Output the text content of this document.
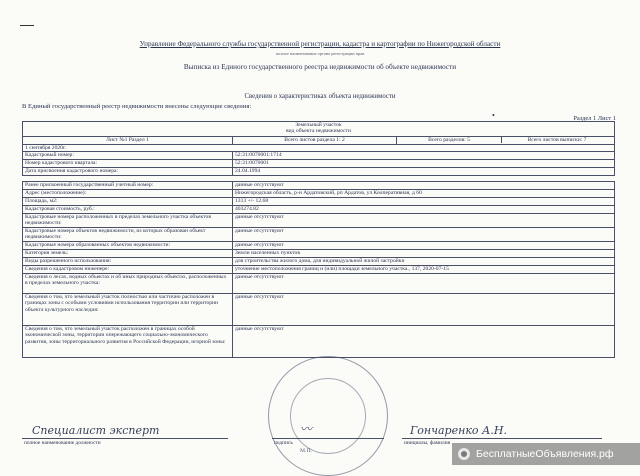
Управление Федерального службы государственной регистрации, кадастра и картографии по Нижегородской области
полное наименование органа регистрации прав
Выписка из Единого государственного реестра недвижимости об объекте недвижимости
Сведения о характеристиках объекта недвижимости
В Единый государственный реестр недвижимости внесены следующие сведения:
•	Раздел 1 Лист 1
Земельный участок
вид объекта недвижимости		

Лист №1 Раздел 1	Всего листов раздела 1: 2	Всего разделов: 5 Всего листов выписки: 7
1 сентября 2020г.		
Кадастровый номер:	52:31:0070001:1714	
Номер кадастрового квартала:	52:31:0070001	
Дата присвоения кадастрового номера:	24.04.1994	

Ранее присвоенный государственный учетный номер:	данные отсутствуют	
Адрес (местоположение):	Нижегородская область, р-н Ардатовский, рп Ардатов, ул Кооперативная, д 60	
Площадь, м2:	1313 +/- 12.68	
Кадастровая стоимость, руб.:	403274.82	
Кадастровые номера расположенных в пределах земельного участка объектов недвижимости:	данные отсутствуют	
Кадастровые номера объектов недвижимости, из которых образован объект недвижимости:	данные отсутствуют	
Кадастровые номера образованных объектов недвижимости:	данные отсутствуют	
Категория земель:	Земли населенных пунктов	
Виды разрешенного использования:	для строительства жилого дома, для индивидуальной жилой застройки	
Сведения о кадастровом инженере:	уточнение местоположения границ и (или) площади земельного участка., 137, 2020-07-15	
Сведения о лесах, водных объектах и об иных природных объектах, расположенных в пределах земельного участка:	данные отсутствуют	
Сведения о том, что земельный участок полностью или частично расположен в границах зоны с особыми условиями использования территории или территории объекта культурного наследия:	данные отсутствуют	
Сведения о том, что земельный участок расположен в границах особой экономической зоны, территории опережающего социально-экономического развития, зоны территориального развития в Российской Федерации, игорной зоны:	данные отсутствуют	
М.П.
Специалист эксперт	Гончаренко А.Н.
〰
полное наименование должности	подпись	инициалы, фамилия
БесплатныеОбъявления.рф
